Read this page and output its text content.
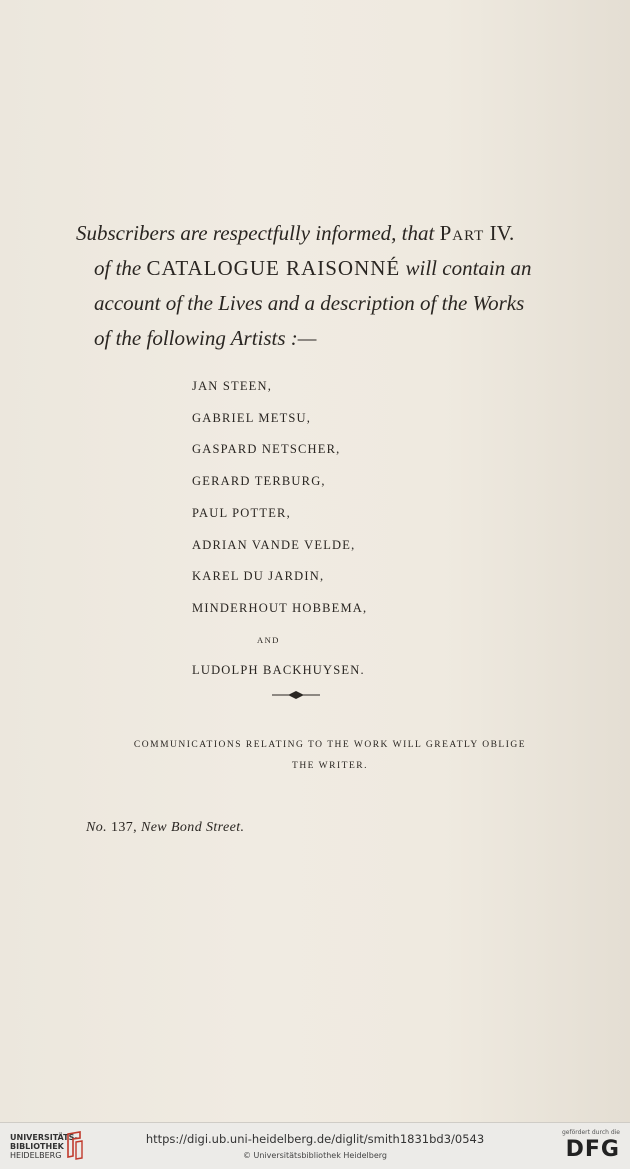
Subscribers are respectfully informed, that Part IV.
of the CATALOGUE RAISONNÉ will contain an
account of the Lives and a description of the Works
of the following Artists :—
JAN STEEN,
GABRIEL METSU,
GASPARD NETSCHER,
GERARD TERBURG,
PAUL POTTER,
ADRIAN VANDE VELDE,
KAREL DU JARDIN,
MINDERHOUT HOBBEMA,
AND
LUDOLPH BACKHUYSEN.
COMMUNICATIONS RELATING TO THE WORK WILL GREATLY OBLIGE
THE WRITER.
No. 137, New Bond Street.
UNIVERSITÄTS-
BIBLIOTHEK
HEIDELBERG
https://digi.ub.uni-heidelberg.de/diglit/smith1831bd3/0543
© Universitätsbibliothek Heidelberg
gefördert durch die
DFG
